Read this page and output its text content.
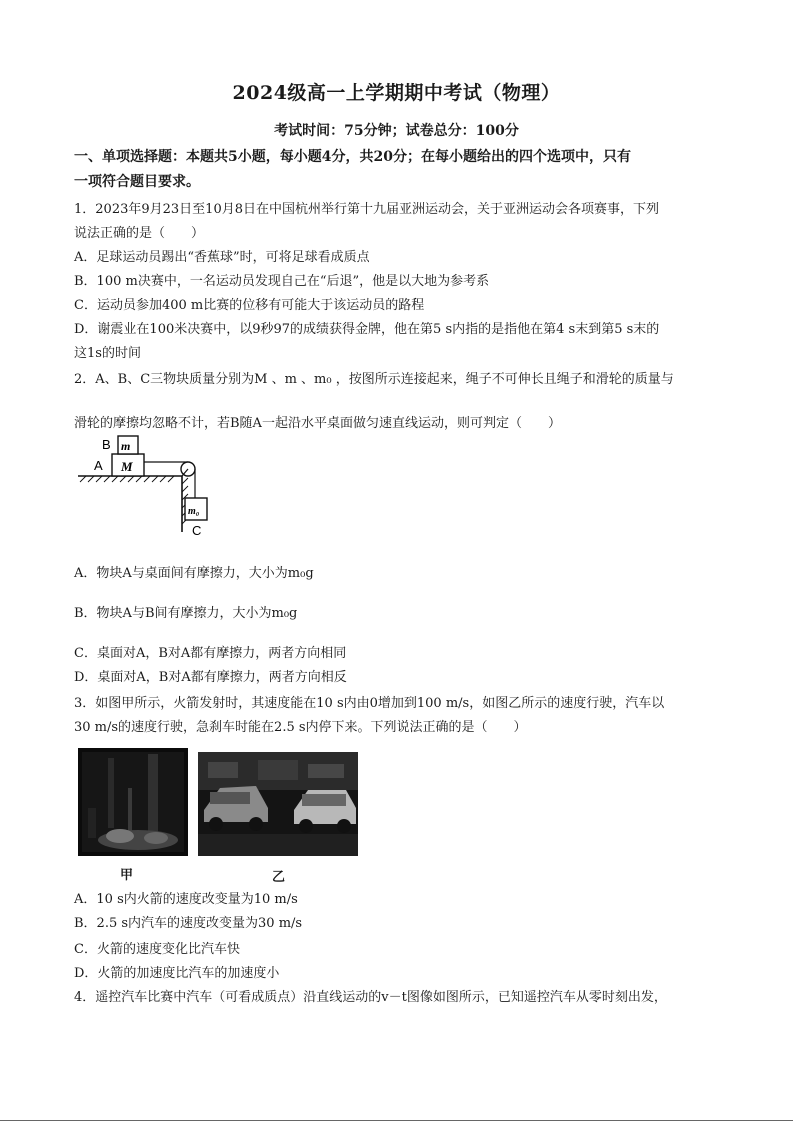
2024级高一上学期期中考试（物理）
考试时间：75分钟；试卷总分：100分
一、单项选择题：本题共5小题，每小题4分，共20分；在每小题给出的四个选项中，只有
一项符合题目要求。
1．2023年9月23日至10月8日在中国杭州举行第十九届亚洲运动会，关于亚洲运动会各项赛事，下列
说法正确的是（　　）
A．足球运动员踢出“香蕉球”时，可将足球看成质点
B．100 m决赛中，一名运动员发现自己在“后退”，他是以大地为参考系
C．运动员参加400 m比赛的位移有可能大于该运动员的路程
D．谢震业在100米决赛中，以9秒97的成绩获得金牌，他在第5 s内指的是指他在第4 s末到第5 s末的
这1s的时间
2．A、B、C三物块质量分别为M 、m 、m₀ ，按图所示连接起来，绳子不可伸长且绳子和滑轮的质量与
滑轮的摩擦均忽略不计，若B随A一起沿水平桌面做匀速直线运动，则可判定（　　）
B
A
m
M
m₀
C
A．物块A与桌面间有摩擦力，大小为m₀g
B．物块A与B间有摩擦力，大小为m₀g
C．桌面对A，B对A都有摩擦力，两者方向相同
D．桌面对A，B对A都有摩擦力，两者方向相反
3．如图甲所示，火箭发射时，其速度能在10 s内由0增加到100 m/s，如图乙所示的速度行驶，汽车以
30 m/s的速度行驶，急刹车时能在2.5 s内停下来。下列说法正确的是（　　）
甲	乙
A．10 s内火箭的速度改变量为10 m/s
B．2.5 s内汽车的速度改变量为30 m/s
C．火箭的速度变化比汽车快
D．火箭的加速度比汽车的加速度小
4．遥控汽车比赛中汽车（可看成质点）沿直线运动的v－t图像如图所示，已知遥控汽车从零时刻出发，
